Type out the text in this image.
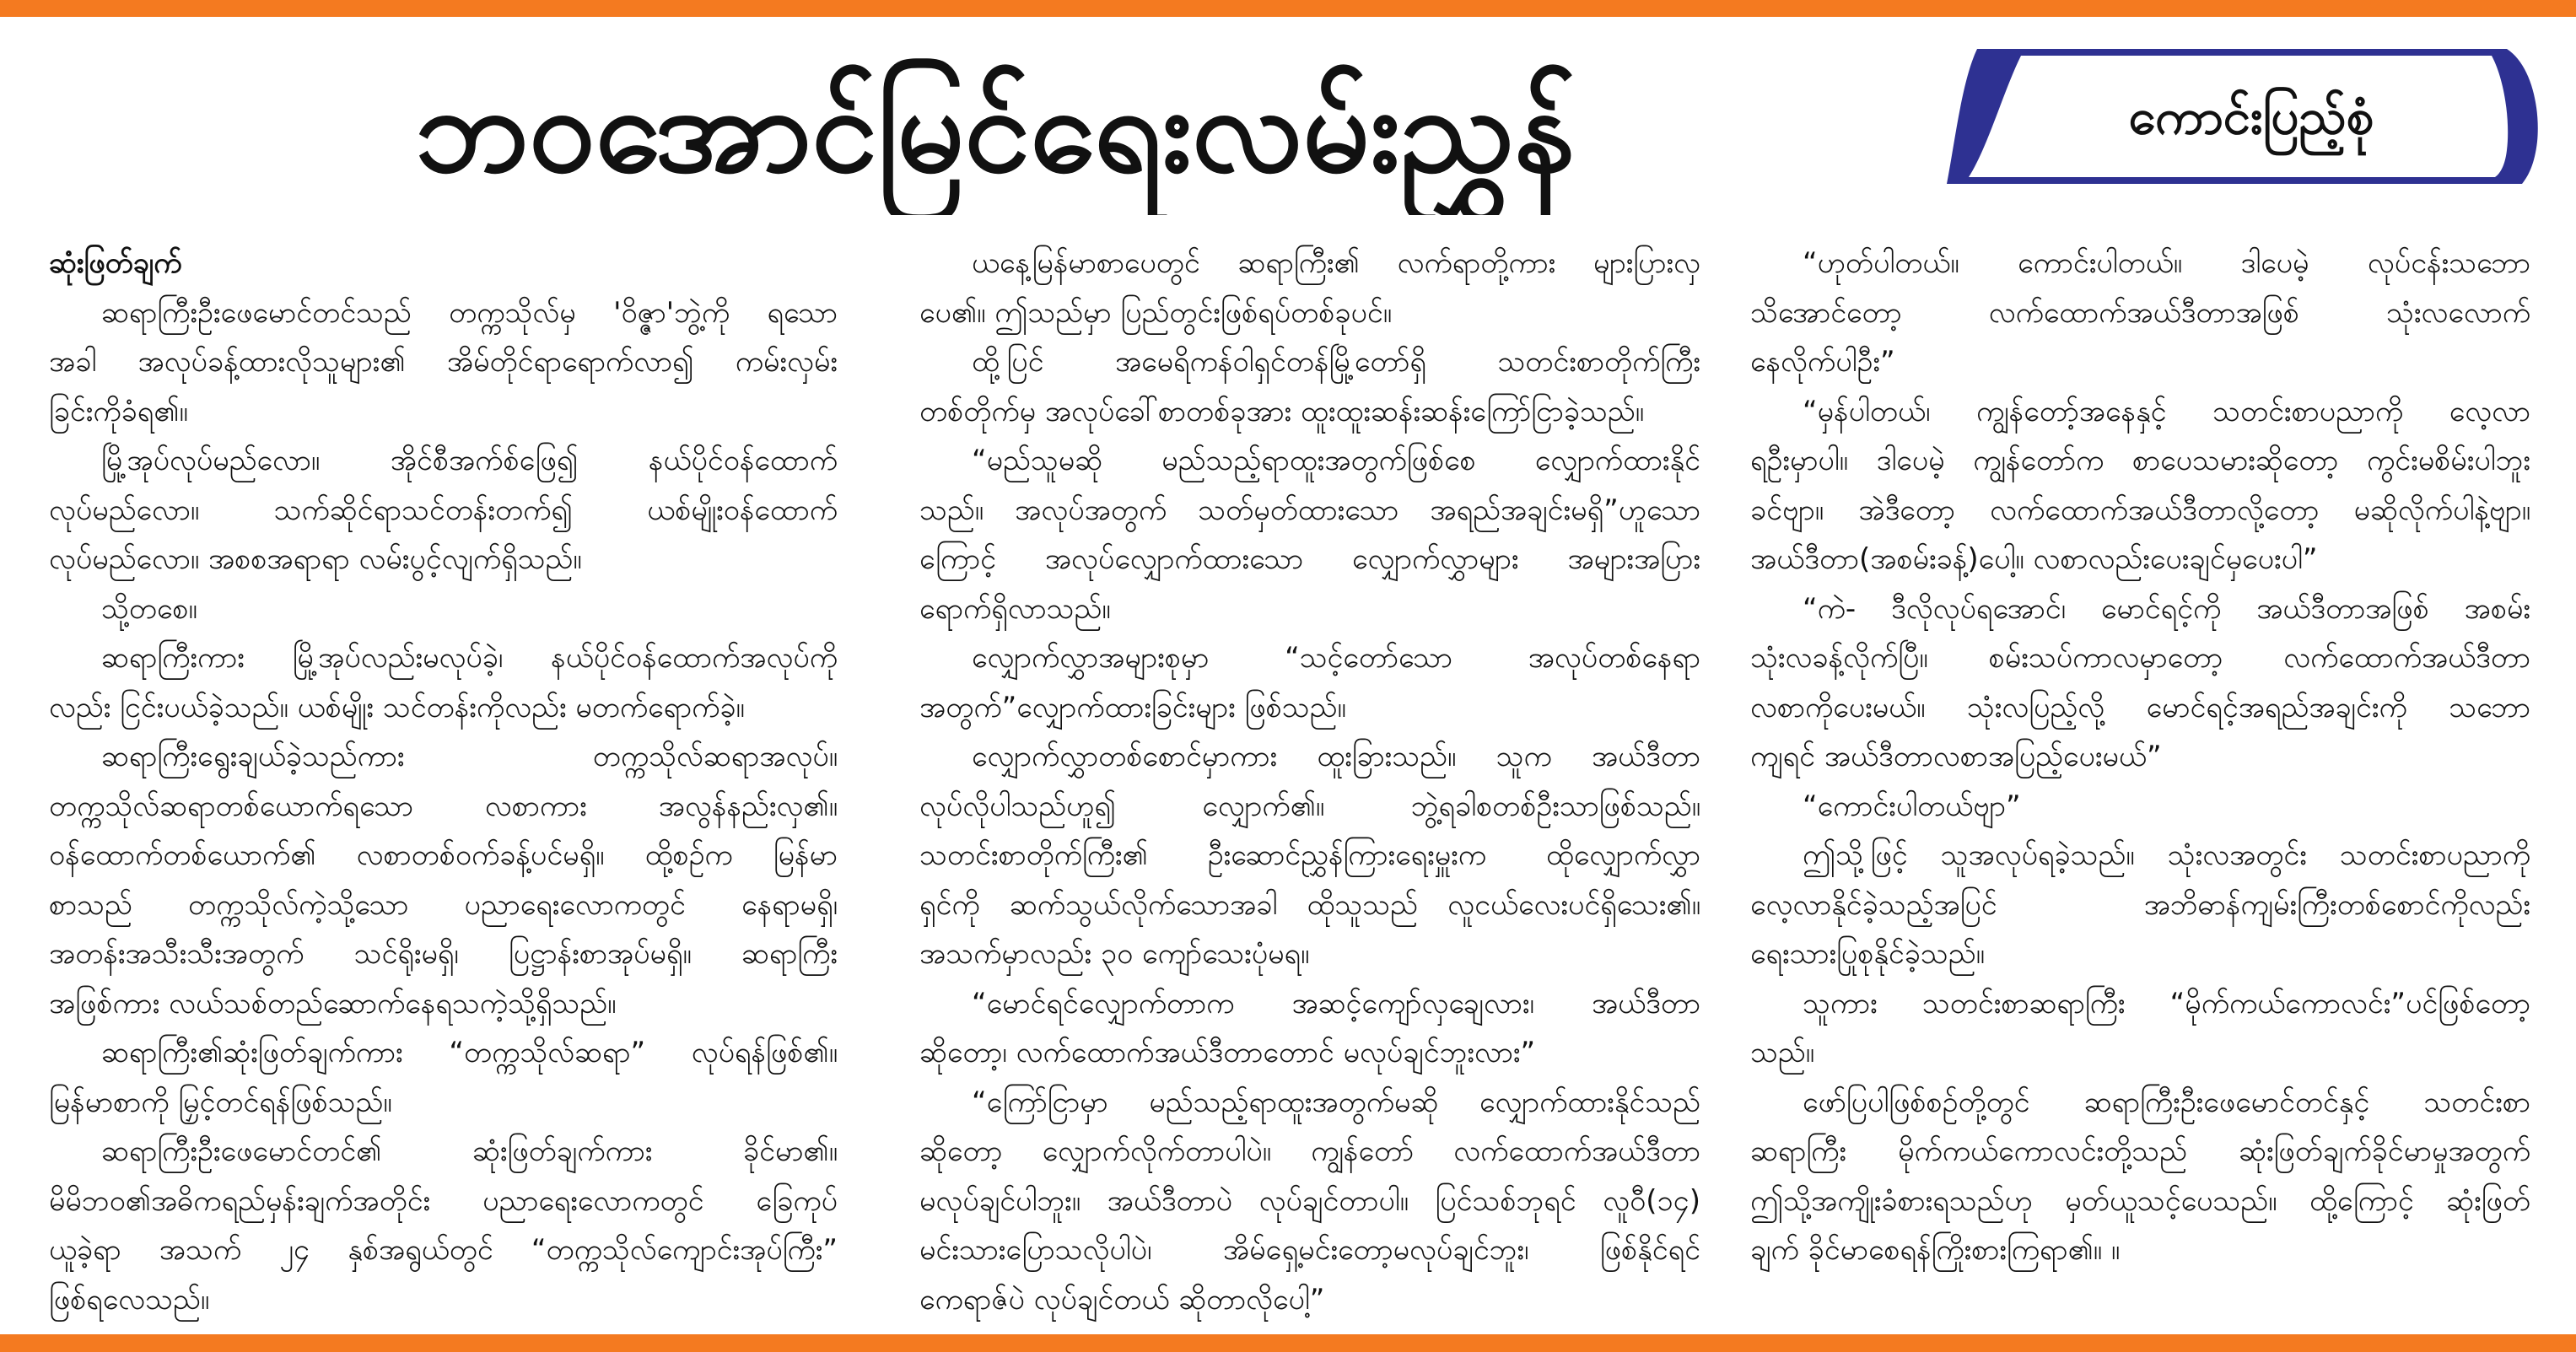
ဘဝအောင်မြင်ရေးလမ်းညွှန်	ကောင်းပြည့်စုံ
ဆုံးဖြတ်ချက်
ဆရာကြီးဦးဖေမောင်တင်သည် တက္ကသိုလ်မှ 'ဝိဇ္ဇာ'ဘွဲ့ကို ရသော
အခါ အလုပ်ခန့်ထားလိုသူများ၏ အိမ်တိုင်ရာရောက်လာ၍ ကမ်းလှမ်း
ခြင်းကိုခံရ၏။
မြို့အုပ်လုပ်မည်လော။ အိုင်စီအက်စ်ဖြေ၍ နယ်ပိုင်ဝန်ထောက်
လုပ်မည်လော။ သက်ဆိုင်ရာသင်တန်းတက်၍ ယစ်မျိုးဝန်ထောက်
လုပ်မည်လော။ အစစအရာရာ လမ်းပွင့်လျက်ရှိသည်။
သို့တစေ။
ဆရာကြီးကား မြို့အုပ်လည်းမလုပ်ခဲ့၊ နယ်ပိုင်ဝန်ထောက်အလုပ်ကို
လည်း ငြင်းပယ်ခဲ့သည်။ ယစ်မျိုး သင်တန်းကိုလည်း မတက်ရောက်ခဲ့။
ဆရာကြီးရွေးချယ်ခဲ့သည်ကား တက္ကသိုလ်ဆရာအလုပ်။
တက္ကသိုလ်ဆရာတစ်ယောက်ရသော လစာကား အလွန်နည်းလှ၏။
ဝန်ထောက်တစ်ယောက်၏ လစာတစ်ဝက်ခန့်ပင်မရှိ။ ထို့စဉ်က မြန်မာ
စာသည် တက္ကသိုလ်ကဲ့သို့သော ပညာရေးလောကတွင် နေရာမရှိ၊
အတန်းအသီးသီးအတွက် သင်ရိုးမရှိ၊ ပြဋ္ဌာန်းစာအုပ်မရှိ။ ဆရာကြီး
အဖြစ်ကား လယ်သစ်တည်ဆောက်နေရသကဲ့သို့ရှိသည်။
ဆရာကြီး၏ဆုံးဖြတ်ချက်ကား “တက္ကသိုလ်ဆရာ” လုပ်ရန်ဖြစ်၏။
မြန်မာစာကို မြှင့်တင်ရန်ဖြစ်သည်။
ဆရာကြီးဦးဖေမောင်တင်၏ ဆုံးဖြတ်ချက်ကား ခိုင်မာ၏။
မိမိဘဝ၏အဓိကရည်မှန်းချက်အတိုင်း ပညာရေးလောကတွင် ခြေကုပ်
ယူခဲ့ရာ အသက် ၂၄ နှစ်အရွယ်တွင် “တက္ကသိုလ်ကျောင်းအုပ်ကြီး”
ဖြစ်ရလေသည်။
ယနေ့မြန်မာစာပေတွင် ဆရာကြီး၏ လက်ရာတို့ကား များပြားလှ
ပေ၏။ ဤသည်မှာ ပြည်တွင်းဖြစ်ရပ်တစ်ခုပင်။
ထို့ပြင် အမေရိကန်ဝါရှင်တန်မြို့တော်ရှိ သတင်းစာတိုက်ကြီး
တစ်တိုက်မှ အလုပ်ခေါ်စာတစ်ခုအား ထူးထူးဆန်းဆန်းကြော်ငြာခဲ့သည်။
“မည်သူမဆို မည်သည့်ရာထူးအတွက်ဖြစ်စေ လျှောက်ထားနိုင်
သည်။ အလုပ်အတွက် သတ်မှတ်ထားသော အရည်အချင်းမရှိ”ဟူသော
ကြောင့် အလုပ်လျှောက်ထားသော လျှောက်လွှာများ အများအပြား
ရောက်ရှိလာသည်။
လျှောက်လွှာအများစုမှာ “သင့်တော်သော အလုပ်တစ်နေရာ
အတွက်”လျှောက်ထားခြင်းများ ဖြစ်သည်။
လျှောက်လွှာတစ်စောင်မှာကား ထူးခြားသည်။ သူက အယ်ဒီတာ
လုပ်လိုပါသည်ဟူ၍ လျှောက်၏။ ဘွဲ့ရခါစတစ်ဦးသာဖြစ်သည်။
သတင်းစာတိုက်ကြီး၏ ဦးဆောင်ညွှန်ကြားရေးမှူးက ထိုလျှောက်လွှာ
ရှင်ကို ဆက်သွယ်လိုက်သောအခါ ထိုသူသည် လူငယ်လေးပင်ရှိသေး၏။
အသက်မှာလည်း ၃၀ ကျော်သေးပုံမရ။
“မောင်ရင်လျှောက်တာက အဆင့်ကျော်လှချေလား၊ အယ်ဒီတာ
ဆိုတော့၊ လက်ထောက်အယ်ဒီတာတောင် မလုပ်ချင်ဘူးလား”
“ကြော်ငြာမှာ မည်သည့်ရာထူးအတွက်မဆို လျှောက်ထားနိုင်သည်
ဆိုတော့ လျှောက်လိုက်တာပါပဲ။ ကျွန်တော် လက်ထောက်အယ်ဒီတာ
မလုပ်ချင်ပါဘူး။ အယ်ဒီတာပဲ လုပ်ချင်တာပါ။ ပြင်သစ်ဘုရင် လူဝီ(၁၄)
မင်းသားပြောသလိုပါပဲ၊ အိမ်ရှေ့မင်းတော့မလုပ်ချင်ဘူး၊ ဖြစ်နိုင်ရင်
ကေရာဇ်ပဲ လုပ်ချင်တယ် ဆိုတာလိုပေါ့”
“ဟုတ်ပါတယ်။ ကောင်းပါတယ်။ ဒါပေမဲ့ လုပ်ငန်းသဘော
သိအောင်တော့ လက်ထောက်အယ်ဒီတာအဖြစ် သုံးလလောက်
နေလိုက်ပါဦး”
“မှန်ပါတယ်၊ ကျွန်တော့်အနေနှင့် သတင်းစာပညာကို လေ့လာ
ရဦးမှာပါ။ ဒါပေမဲ့ ကျွန်တော်က စာပေသမားဆိုတော့ ကွင်းမစိမ်းပါဘူး
ခင်ဗျာ။ အဲဒီတော့ လက်ထောက်အယ်ဒီတာလို့တော့ မဆိုလိုက်ပါနဲ့ဗျာ။
အယ်ဒီတာ(အစမ်းခန့်)ပေါ့။ လစာလည်းပေးချင်မှပေးပါ”
“ကဲ- ဒီလိုလုပ်ရအောင်၊ မောင်ရင့်ကို အယ်ဒီတာအဖြစ် အစမ်း
သုံးလခန့်လိုက်ပြီ။ စမ်းသပ်ကာလမှာတော့ လက်ထောက်အယ်ဒီတာ
လစာကိုပေးမယ်။ သုံးလပြည့်လို့ မောင်ရင့်အရည်အချင်းကို သဘော
ကျရင် အယ်ဒီတာလစာအပြည့်ပေးမယ်”
“ကောင်းပါတယ်ဗျာ”
ဤသို့ဖြင့် သူအလုပ်ရခဲ့သည်။ သုံးလအတွင်း သတင်းစာပညာကို
လေ့လာနိုင်ခဲ့သည့်အပြင် အဘိဓာန်ကျမ်းကြီးတစ်စောင်ကိုလည်း
ရေးသားပြုစုနိုင်ခဲ့သည်။
သူကား သတင်းစာဆရာကြီး “မိုက်ကယ်ကောလင်း”ပင်ဖြစ်တော့
သည်။
ဖော်ပြပါဖြစ်စဉ်တို့တွင် ဆရာကြီးဦးဖေမောင်တင်နှင့် သတင်းစာ
ဆရာကြီး မိုက်ကယ်ကောလင်းတို့သည် ဆုံးဖြတ်ချက်ခိုင်မာမှုအတွက်
ဤသို့အကျိုးခံစားရသည်ဟု မှတ်ယူသင့်ပေသည်။ ထို့ကြောင့် ဆုံးဖြတ်
ချက် ခိုင်မာစေရန်ကြိုးစားကြရာ၏။ ။
